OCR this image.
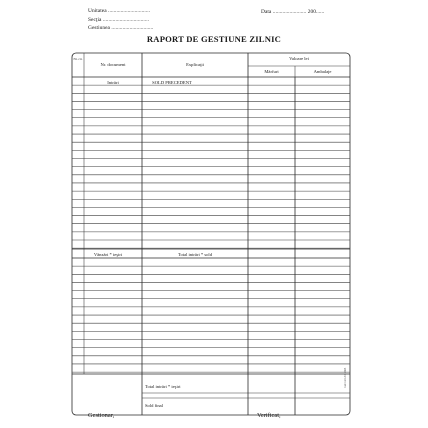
Unitatea ..............................
Secţia .................................
Gestiunea ..............................
Data ........................ 200......
RAPORT DE GESTIUNE ZILNIC
Nr. crt.
Nr. document	Explicaţii
Valoare lei
Mărfuri	Ambalaje
Intrări	SOLD PRECEDENT
Vânzări * ieşiri	Total intrări * sold
Total intrări * ieşiri
Sold final
Cod 14-5-3/A 2003
Gestionar,	Verificat,
